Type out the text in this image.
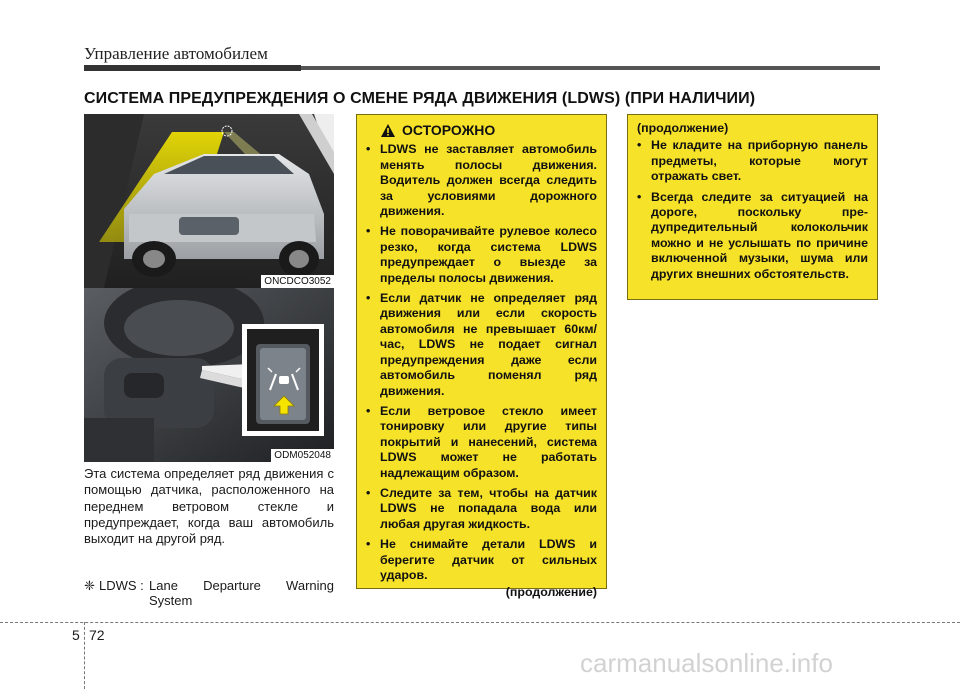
Управление автомобилем
СИСТЕМА ПРЕДУПРЕЖДЕНИЯ О СМЕНЕ РЯДА ДВИЖЕНИЯ (LDWS) (ПРИ НАЛИЧИИ)
ONCDCO3052
ODM052048
Эта система определяет ряд движения с помощью датчика, расположенного на переднем ветровом стекле и предупреждает, когда ваш автомобиль выходит на другой ряд.
❈ LDWS : Lane Departure Warning
System
ОСТОРОЖНО
• LDWS не заставляет автомобиль менять полосы движения. Водитель должен всегда следить за условиями дорожного движения.
• Не поворачивайте рулевое колесо резко, когда система LDWS предупреждает о выезде за пределы полосы движения.
• Если датчик не определяет ряд движения или если скорость автомобиля не превышает 60км/час, LDWS не подает сигнал предупреждения даже если автомобиль поменял ряд движения.
• Если ветровое стекло имеет тонировку или другие типы покрытий и нанесений, система LDWS может не работать надлежащим образом.
• Следите за тем, чтобы на датчик LDWS не попадала вода или любая другая жидкость.
• Не снимайте детали LDWS и берегите датчик от сильных ударов.
(продолжение)
(продолжение)
• Не кладите на приборную панель предметы, которые могут отражать свет.
• Всегда следите за ситуацией на дороге, поскольку пре-дупредительный колокольчик можно и не услышать по причине включенной музыки, шума или других внешних обстоятельств.
5 72
carmanualsonline.info
